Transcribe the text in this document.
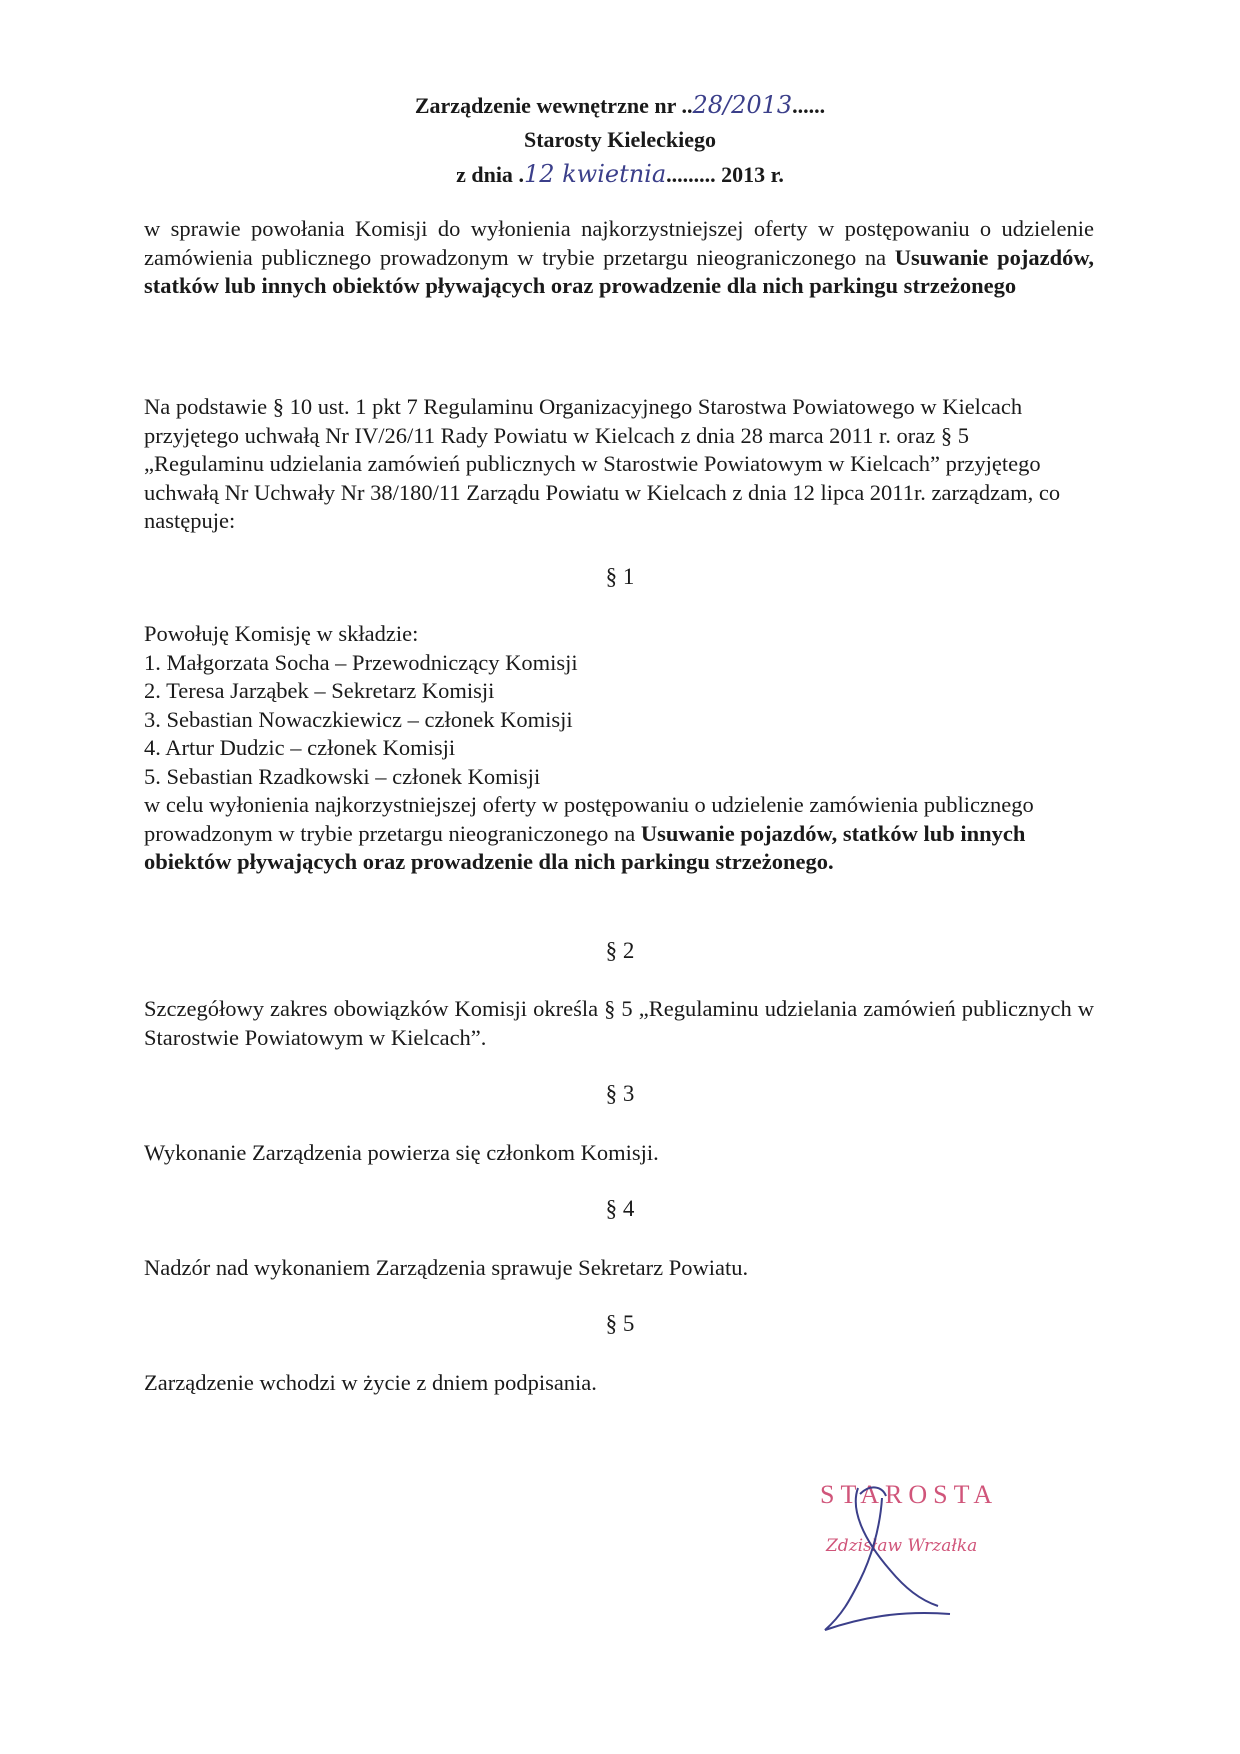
Zarządzenie wewnętrzne nr ..28/2013......
Starosty Kieleckiego
z dnia .12 kwietnia......... 2013 r.
w sprawie powołania Komisji do wyłonienia najkorzystniejszej oferty w postępowaniu o udzielenie zamówienia publicznego prowadzonym w trybie przetargu nieograniczonego na Usuwanie pojazdów, statków lub innych obiektów pływających oraz prowadzenie dla nich parkingu strzeżonego
Na podstawie § 10 ust. 1 pkt 7 Regulaminu Organizacyjnego Starostwa Powiatowego w Kielcach przyjętego uchwałą Nr IV/26/11 Rady Powiatu w Kielcach z dnia 28 marca 2011 r. oraz § 5 „Regulaminu udzielania zamówień publicznych w Starostwie Powiatowym w Kielcach” przyjętego uchwałą Nr Uchwały Nr 38/180/11 Zarządu Powiatu w Kielcach z dnia 12 lipca 2011r. zarządzam, co następuje:
§ 1
Powołuję Komisję w składzie:
1. Małgorzata Socha – Przewodniczący Komisji
2. Teresa Jarząbek – Sekretarz Komisji
3. Sebastian Nowaczkiewicz – członek Komisji
4. Artur Dudzic – członek Komisji
5. Sebastian Rzadkowski – członek Komisji
w celu wyłonienia najkorzystniejszej oferty w postępowaniu o udzielenie zamówienia publicznego prowadzonym w trybie przetargu nieograniczonego na Usuwanie pojazdów, statków lub innych obiektów pływających oraz prowadzenie dla nich parkingu strzeżonego.
§ 2
Szczegółowy zakres obowiązków Komisji określa § 5 „Regulaminu udzielania zamówień publicznych w Starostwie Powiatowym w Kielcach”.
§ 3
Wykonanie Zarządzenia powierza się członkom Komisji.
§ 4
Nadzór nad wykonaniem Zarządzenia sprawuje Sekretarz Powiatu.
§ 5
Zarządzenie wchodzi w życie z dniem podpisania.
STAROSTA
Zdzisław Wrzałka
